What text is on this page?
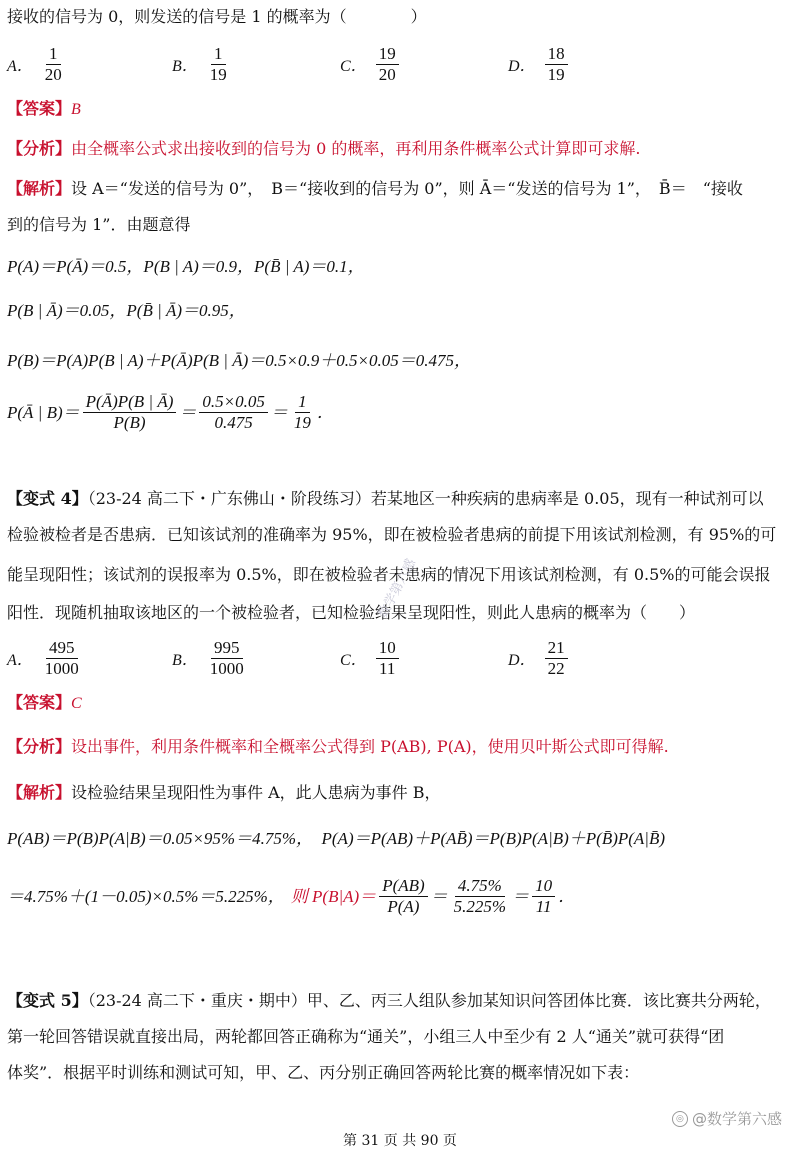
接收的信号为 0，则发送的信号是 1 的概率为（　　　　）
A． $\frac{1}{20}$	B． $\frac{1}{19}$	C． $\frac{19}{20}$	D． $\frac{18}{19}$
【答案】B
【分析】由全概率公式求出接收到的信号为 0 的概率，再利用条件概率公式计算即可求解.
【解析】设 A＝“发送的信号为 0”，　B＝“接收到的信号为 0”，则 Ā＝“发送的信号为 1”，　B̄＝　“接收
到的信号为 1”．由题意得
P(A)＝P(Ā)＝0.5，P(B | A)＝0.9，P(B̄ | A)＝0.1，
P(B | Ā)＝0.05，P(B̄ | Ā)＝0.95，
P(B)＝P(A)P(B | A)＋P(Ā)P(B | Ā)＝0.5×0.9＋0.5×0.05＝0.475，
P(Ā | $B)= \frac{P(Ā)P(B | Ā)}{P(B)} = \frac{0.5\times 0.05}{0.475} = \frac{1}{19}$ ．
【变式 4】（23-24 高二下・广东佛山・阶段练习）若某地区一种疾病的患病率是 0.05，现有一种试剂可以
检验被检者是否患病．已知该试剂的准确率为 95%，即在被检验者患病的前提下用该试剂检测，有 95%的可
能呈现阳性；该试剂的误报率为 0.5%，即在被检验者未患病的情况下用该试剂检测，有 0.5%的可能会误报
阳性．现随机抽取该地区的一个被检验者，已知检验结果呈现阳性，则此人患病的概率为（　　）
A． $\frac{495}{1000}$	B． $\frac{995}{1000}$	C． $\frac{10}{11}$	D． $\frac{21}{22}$
【答案】C
【分析】设出事件，利用条件概率和全概率公式得到 P(AB), P(A)，使用贝叶斯公式即可得解.
【解析】设检验结果呈现阳性为事件 A，此人患病为事件 B，
P(AB)＝P(B)P(A|B)＝0.05×95%＝4.75%，　P(A)＝P(AB)＋P(AB̄)＝P(B)P(A|B)＋P(B̄)P(A|B̄)
＝4.75%＋(1－0.05)×0.5%＝5.225%， 则 $P(B|A)= \frac{P(AB)}{P(A)} = \frac{4.75\%}{5.225\%} = \frac{10}{11}$ ．
【变式 5】（23-24 高二下・重庆・期中）甲、乙、丙三人组队参加某知识问答团体比赛．该比赛共分两轮，
第一轮回答错误就直接出局，两轮都回答正确称为“通关”，小组三人中至少有 2 人“通关”就可获得“团
体奖”．根据平时训练和测试可知，甲、乙、丙分别正确回答两轮比赛的概率情况如下表：
数学第六感
◎ @数学第六感
第 31 页 共 90 页
